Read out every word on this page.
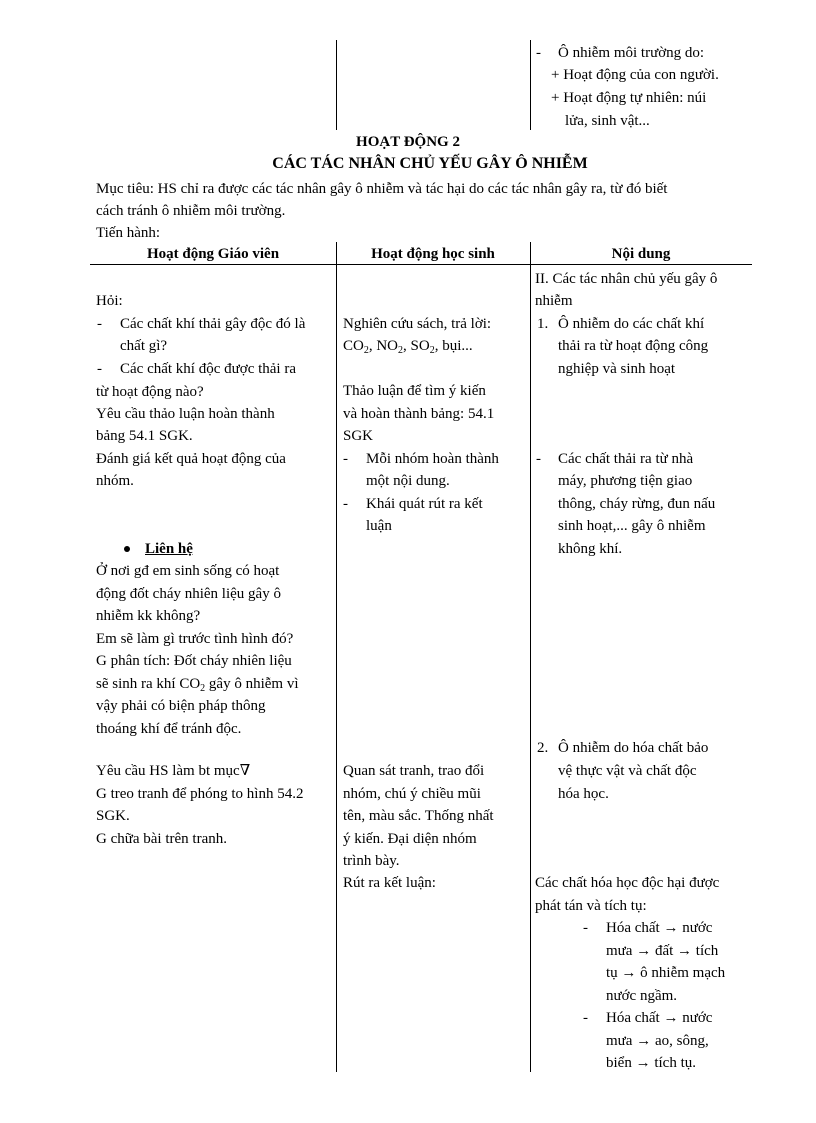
- Ô nhiễm môi trường do:
+ Hoạt động của con người.
+ Hoạt động tự nhiên: núi
lửa, sinh vật...
HOẠT ĐỘNG 2
CÁC TÁC NHÂN CHỦ YẾU GÂY Ô NHIỄM
Mục tiêu: HS chỉ ra được các tác nhân gây ô nhiễm và tác hại do các tác nhân gây ra, từ đó biết
cách tránh ô nhiễm môi trường.
Tiến hành:
Hoạt động Giáo viên	Hoạt động học sinh	Nội dung
Hỏi:
- Các chất khí thải gây độc đó là
chất gì?
- Các chất khí độc được thải ra
từ hoạt động nào?
Yêu cầu thảo luận hoàn thành
bảng 54.1 SGK.
Đánh giá kết quả hoạt động của
nhóm.
Liên hệ
Ở nơi gđ em sinh sống có hoạt
động đốt cháy nhiên liệu gây ô
nhiễm kk không?
Em sẽ làm gì trước tình hình đó?
G phân tích: Đốt cháy nhiên liệu
sẽ sinh ra khí $CO_2$ gây ô nhiễm vì
vậy phải có biện pháp thông
thoáng khí để tránh độc.
Yêu cầu HS làm bt mục∇
G treo tranh để phóng to hình 54.2
SGK.
G chữa bài trên tranh.
Nghiên cứu sách, trả lời:
$CO_2$, $NO_2$, $SO_2$, bụi...
Thảo luận để tìm ý kiến
và hoàn thành bảng: 54.1
SGK
- Mỗi nhóm hoàn thành
một nội dung.
- Khái quát rút ra kết
luận
Quan sát tranh, trao đổi
nhóm, chú ý chiều mũi
tên, màu sắc. Thống nhất
ý kiến. Đại diện nhóm
trình bày.
Rút ra kết luận:
II. Các tác nhân chủ yếu gây ô
nhiễm
1. Ô nhiễm do các chất khí
thải ra từ hoạt động công
nghiệp và sinh hoạt
- Các chất thải ra từ nhà
máy, phương tiện giao
thông, cháy rừng, đun nấu
sinh hoạt,... gây ô nhiễm
không khí.
2. Ô nhiễm do hóa chất bảo
vệ thực vật và chất độc
hóa học.
Các chất hóa học độc hại được
phát tán và tích tụ:
- Hóa chất → nước
mưa → đất → tích
tụ → ô nhiễm mạch
nước ngầm.
- Hóa chất → nước
mưa → ao, sông,
biển → tích tụ.
